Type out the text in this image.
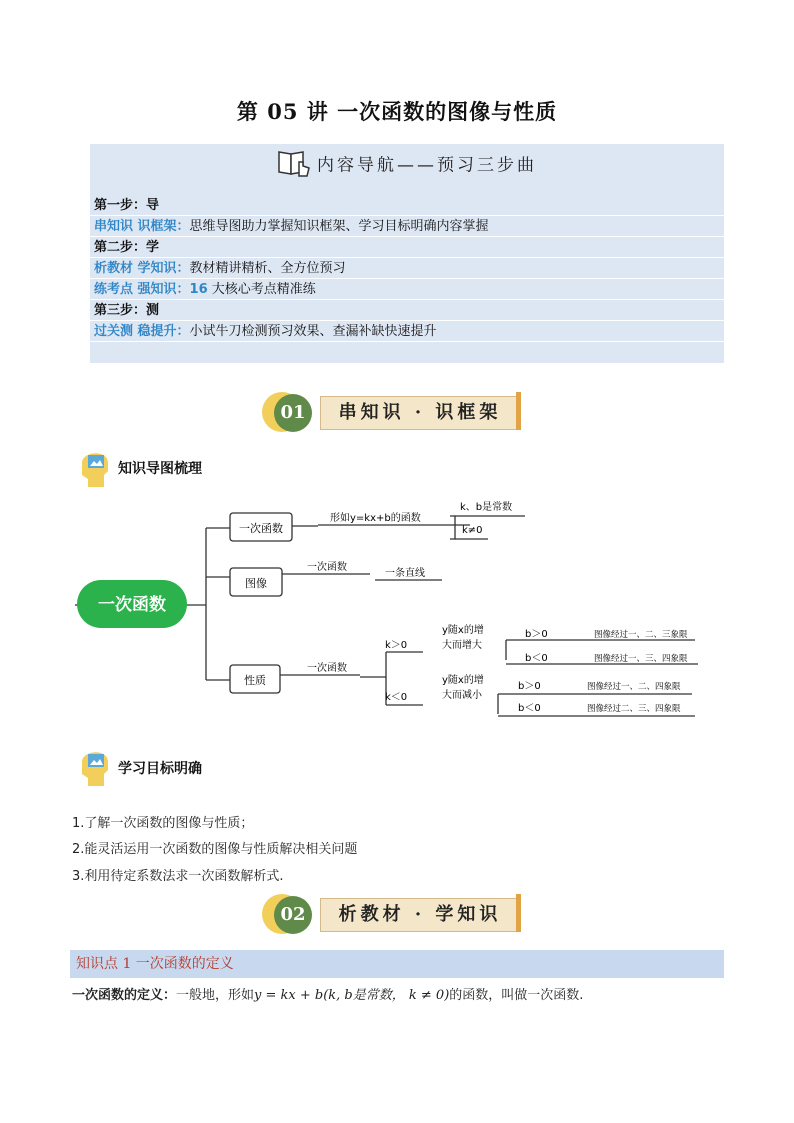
第 05 讲 一次函数的图像与性质
内容导航——预习三步曲
第一步：导
串知识 识框架：思维导图助力掌握知识框架、学习目标明确内容掌握
第二步：学
析教材 学知识：教材精讲精析、全方位预习
练考点 强知识：16 大核心考点精准练
第三步：测
过关测 稳提升：小试牛刀检测预习效果、查漏补缺快速提升
01	串知识 · 识框架
知识导图梳理
一次函数
一次函数
图像
性质
形如y=kx+b的函数
k、b是常数
k≠0
一次函数
一条直线
一次函数
k＞0
k＜0
y随x的增
大而增大
y随x的增
大而减小
b＞0
b＜0
b＞0
b＜0
图像经过一、二、三象限
图像经过一、三、四象限
图像经过一、二、四象限
图像经过二、三、四象限
学习目标明确
1.了解一次函数的图像与性质；
2.能灵活运用一次函数的图像与性质解决相关问题
3.利用待定系数法求一次函数解析式.
02	析教材 · 学知识
知识点 1 一次函数的定义
一次函数的定义：一般地，形如y = kx + b(k, b是常数， k ≠ 0)的函数，叫做一次函数.
